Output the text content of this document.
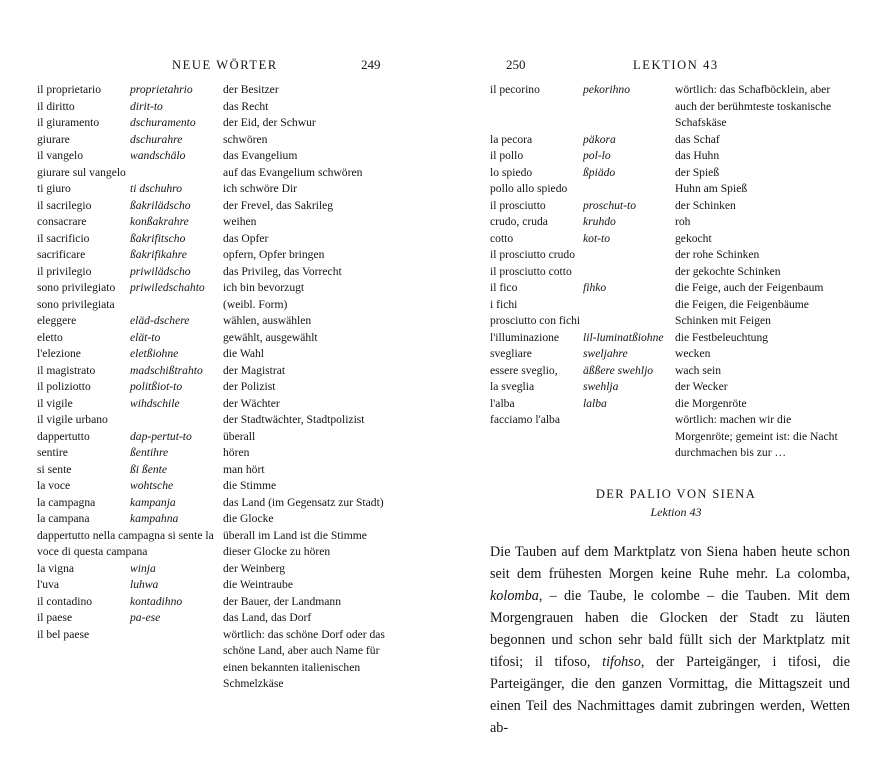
NEUE WÖRTER	249
il proprietario	proprietahrio	der Besitzer
il diritto	dirit-to	das Recht
il giuramento	dschuramento	der Eid, der Schwur
giurare	dschurahre	schwören
il vangelo	wandschälo	das Evangelium
giurare sul vangelo		auf das Evangelium schwören
ti giuro	ti dschuhro	ich schwöre Dir
il sacrilegio	ßakrilädscho	der Frevel, das Sakrileg
consacrare	konßakrahre	weihen
il sacrificio	ßakrifitscho	das Opfer
sacrificare	ßakrifikahre	opfern, Opfer bringen
il privilegio	priwilädscho	das Privileg, das Vorrecht
sono privilegiato	priwiledschahto	ich bin bevorzugt
sono privilegiata		(weibl. Form)
eleggere	eläd-dschere	wählen, auswählen
eletto	elät-to	gewählt, ausgewählt
l'elezione	eletßiohne	die Wahl
il magistrato	madschißtrahto	der Magistrat
il poliziotto	politßiot-to	der Polizist
il vigile	wihdschile	der Wächter
il vigile urbano		der Stadtwächter, Stadtpolizist
dappertutto	dap-pertut-to	überall
sentire	ßentihre	hören
si sente	ßi ßente	man hört
la voce	wohtsche	die Stimme
la campagna	kampanja	das Land (im Gegensatz zur Stadt)
la campana	kampahna	die Glocke
dappertutto nella campagna si sente la voce di questa campana		überall im Land ist die Stimme dieser Glocke zu hören
la vigna	winja	der Weinberg
l'uva	luhwa	die Weintraube
il contadino	kontadihno	der Bauer, der Landmann
il paese	pa-ese	das Land, das Dorf
il bel paese		wörtlich: das schöne Dorf oder das schöne Land, aber auch Name für einen bekannten italienischen Schmelzkäse
250	LEKTION 43
il pecorino	pekorihno	wörtlich: das Schafböcklein, aber auch der berühmteste toskanische Schafskäse
la pecora	päkora	das Schaf
il pollo	pol-lo	das Huhn
lo spiedo	ßpiädo	der Spieß
pollo allo spiedo		Huhn am Spieß
il prosciutto	proschut-to	der Schinken
crudo, cruda	kruhdo	roh
cotto	kot-to	gekocht
il prosciutto crudo		der rohe Schinken
il prosciutto cotto		der gekochte Schinken
il fico	fihko	die Feige, auch der Feigenbaum
i fichi		die Feigen, die Feigenbäume
prosciutto con fichi		Schinken mit Feigen
l'illuminazione	lil-luminatßiohne	die Festbeleuchtung
svegliare	sweljahre	wecken
essere sveglio,	äßßere swehljo	wach sein
la sveglia	swehlja	der Wecker
l'alba	lalba	die Morgenröte
facciamo l'alba		wörtlich: machen wir die Morgenröte; gemeint ist: die Nacht durchmachen bis zur …
DER PALIO VON SIENA
Lektion 43

Die Tauben auf dem Marktplatz von Siena haben heute schon seit dem frühesten Morgen keine Ruhe mehr. La colomba, kolomba, – die Taube, le colombe – die Tauben. Mit dem Morgengrauen haben die Glocken der Stadt zu läuten begonnen und schon sehr bald füllt sich der Marktplatz mit tifosi; il tifoso, tifohso, der Parteigänger, i tifosi, die Parteigänger, die den ganzen Vormittag, die Mittagszeit und einen Teil des Nachmittages damit zubringen werden, Wetten ab-
